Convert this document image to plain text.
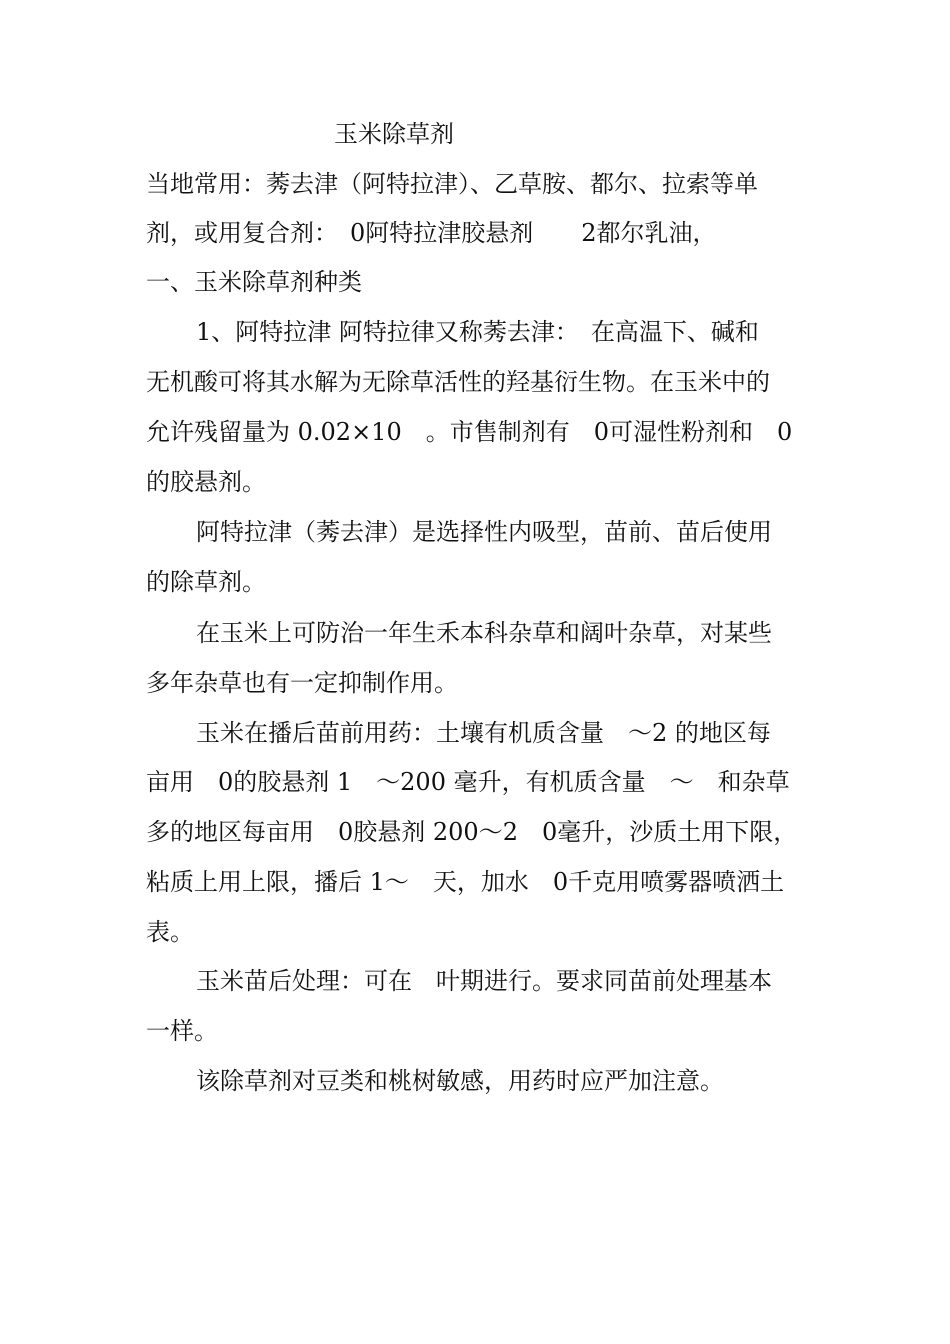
玉米除草剂
当地常用：莠去津（阿特拉津）、乙草胺、都尔、拉索等单
剂，或用复合剂：　0阿特拉津胶悬剂　　2都尔乳油，
一、玉米除草剂种类
1、阿特拉津 阿特拉律又称莠去津：　在高温下、碱和
无机酸可将其水解为无除草活性的羟基衍生物。在玉米中的
允许残留量为 0.02×10　。市售制剂有　0可湿性粉剂和　0
的胶悬剂。
阿特拉津（莠去津）是选择性内吸型，苗前、苗后使用
的除草剂。
在玉米上可防治一年生禾本科杂草和阔叶杂草，对某些
多年杂草也有一定抑制作用。
玉米在播后苗前用药：土壤有机质含量　～2 的地区每
亩用　0的胶悬剂 1　～200 毫升，有机质含量　～　和杂草
多的地区每亩用　0胶悬剂 200～2　0毫升，沙质土用下限，
粘质上用上限，播后 1～　天，加水　0千克用喷雾器喷洒土
表。
玉米苗后处理：可在　叶期进行。要求同苗前处理基本
一样。
该除草剂对豆类和桃树敏感，用药时应严加注意。
